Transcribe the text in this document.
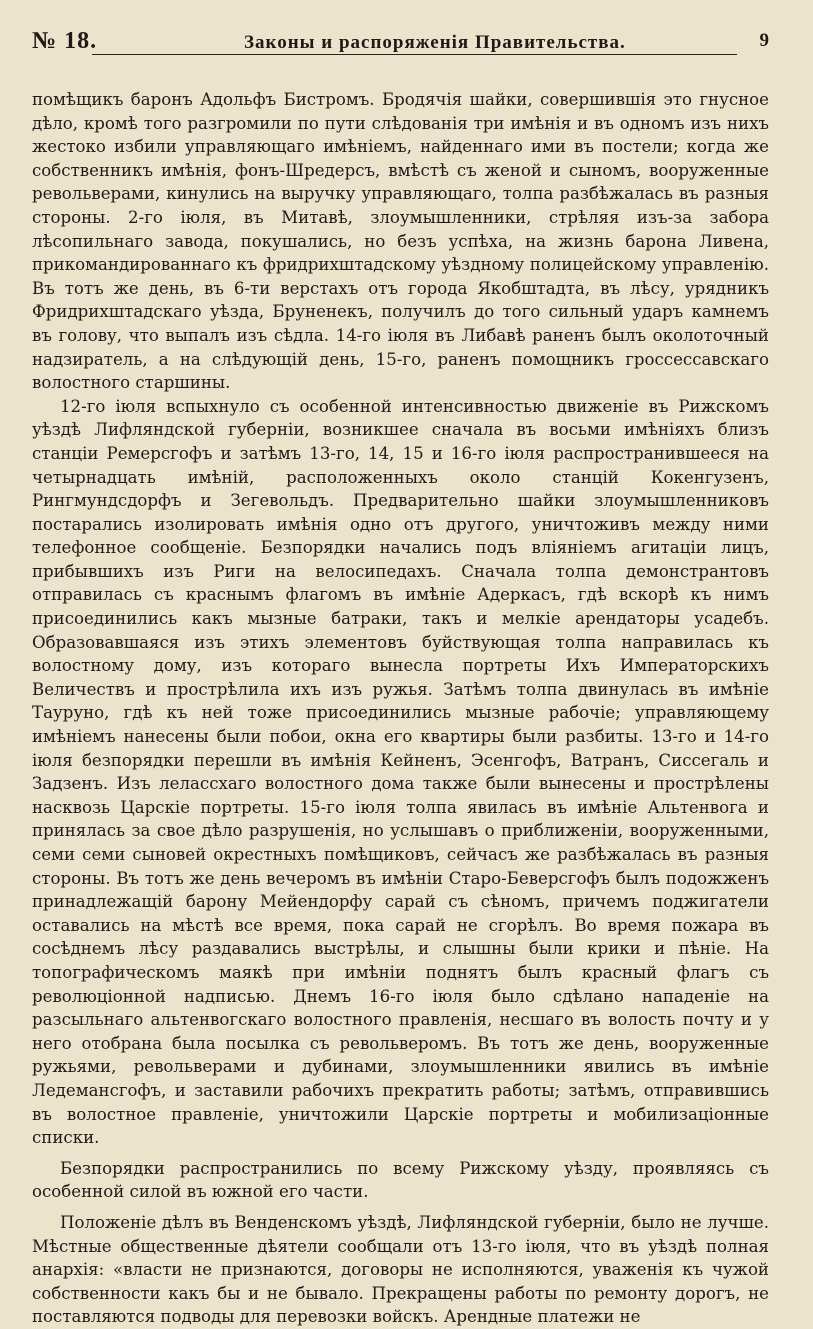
№ 18.	Законы и распоряженія Правительства.	9

помѣщикъ баронъ Адольфъ Бистромъ. Бродячія шайки, совершившія это гнусное дѣло, кромѣ того разгромили по пути слѣдованія три имѣнія и въ одномъ изъ нихъ жестоко избили управляющаго имѣніемъ, найденнаго ими въ постели; когда же собственникъ имѣнія, фонъ-Шредерсъ, вмѣстѣ съ женой и сыномъ, вооруженные револьверами, кинулись на выручку управляющаго, толпа разбѣжалась въ разныя стороны. 2-го іюля, въ Митавѣ, злоумышленники, стрѣляя изъ-за забора лѣсопильнаго завода, покушались, но безъ успѣха, на жизнь барона Ливена, прикомандированнаго къ фридрихштадскому уѣздному полицейскому управленію. Въ тотъ же день, въ 6-ти верстахъ отъ города Якобштадта, въ лѣсу, урядникъ Фридрихштадскаго уѣзда, Бруненекъ, получилъ до того сильный ударъ камнемъ въ голову, что выпалъ изъ сѣдла. 14-го іюля въ Либавѣ раненъ былъ околоточный надзиратель, а на слѣдующій день, 15-го, раненъ помощникъ гроссессавскаго волостного старшины.

12-го іюля вспыхнуло съ особенной интенсивностью движеніе въ Рижскомъ уѣздѣ Лифляндской губерніи, возникшее сначала въ восьми имѣніяхъ близъ станціи Ремерсгофъ и затѣмъ 13-го, 14, 15 и 16-го іюля распространившееся на четырнадцать имѣній, расположенныхъ около станцій Кокенгузенъ, Рингмундсдорфъ и Зегевольдъ. Предварительно шайки злоумышленниковъ постарались изолировать имѣнія одно отъ другого, уничтоживъ между ними телефонное сообщеніе. Безпорядки начались подъ вліяніемъ агитаціи лицъ, прибывшихъ изъ Риги на велосипедахъ. Сначала толпа демонстрантовъ отправилась съ краснымъ флагомъ въ имѣніе Адеркасъ, гдѣ вскорѣ къ нимъ присоединились какъ мызные батраки, такъ и мелкіе арендаторы усадебъ. Образовавшаяся изъ этихъ элементовъ буйствующая толпа направилась къ волостному дому, изъ котораго вынесла портреты Ихъ Императорскихъ Величествъ и прострѣлила ихъ изъ ружья. Затѣмъ толпа двинулась въ имѣніе Тауруно, гдѣ къ ней тоже присоединились мызные рабочіе; управляющему имѣніемъ нанесены были побои, окна его квартиры были разбиты. 13-го и 14-го іюля безпорядки перешли въ имѣнія Кейненъ, Эсенгофъ, Ватранъ, Сиссегаль и Задзенъ. Изъ лелассхаго волостного дома также были вынесены и прострѣлены насквозь Царскіе портреты. 15-го іюля толпа явилась въ имѣніе Альтенвога и принялась за свое дѣло разрушенія, но услышавъ о приближеніи, вооруженными, семи семи сыновей окрестныхъ помѣщиковъ, сейчасъ же разбѣжалась въ разныя стороны. Въ тотъ же день вечеромъ въ имѣніи Старо-Беверсгофъ былъ подожженъ принадлежащій барону Мейендорфу сарай съ сѣномъ, причемъ поджигатели оставались на мѣстѣ все время, пока сарай не сгорѣлъ. Во время пожара въ сосѣднемъ лѣсу раздавались выстрѣлы, и слышны были крики и пѣніе. На топографическомъ маякѣ при имѣніи поднятъ былъ красный флагъ съ революціонной надписью. Днемъ 16-го іюля было сдѣлано нападеніе на разсыльнаго альтенвогскаго волостного правленія, несшаго въ волость почту и у него отобрана была посылка съ револьверомъ. Въ тотъ же день, вооруженные ружьями, револьверами и дубинами, злоумышленники явились въ имѣніе Ледемансгофъ, и заставили рабочихъ прекратить работы; затѣмъ, отправившись въ волостное правленіе, уничтожили Царскіе портреты и мобилизаціонные списки.

Безпорядки распространились по всему Рижскому уѣзду, проявляясь съ особенной силой въ южной его части.

Положеніе дѣлъ въ Венденскомъ уѣздѣ, Лифляндской губерніи, было не лучше. Мѣстные общественные дѣятели сообщали отъ 13-го іюля, что въ уѣздѣ полная анархія: «власти не признаются, договоры не исполняются, уваженія къ чужой собственности какъ бы и не бывало. Прекращены работы по ремонту дорогъ, не поставляются подводы для перевозки войскъ. Арендные платежи не
